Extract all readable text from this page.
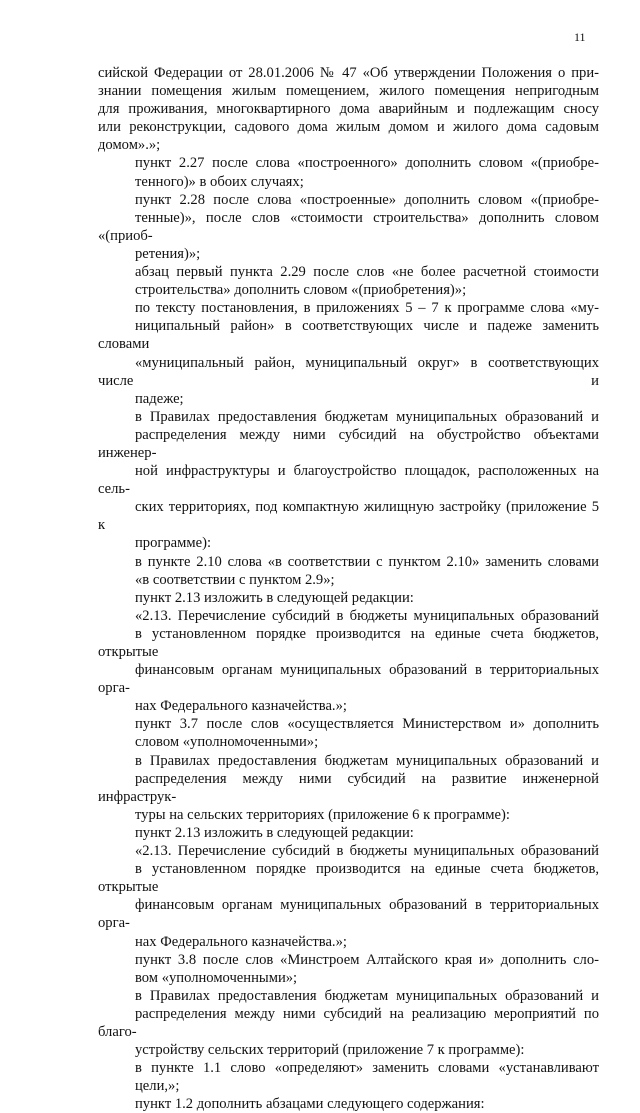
11

сийской Федерации от 28.01.2006 № 47 «Об утверждении Положения о при-
знании помещения жилым помещением, жилого помещения непригодным
для проживания, многоквартирного дома аварийным и подлежащим сносу
или реконструкции, садового дома жилым домом и жилого дома садовым
домом».»;

пункт 2.27 после слова «построенного» дополнить словом «(приобре-
тенного)» в обоих случаях;

пункт 2.28 после слова «построенные» дополнить словом «(приобре-
тенные)», после слов «стоимости строительства» дополнить словом «(приоб-
ретения)»;

абзац первый пункта 2.29 после слов «не более расчетной стоимости
строительства» дополнить словом «(приобретения)»;

по тексту постановления, в приложениях 5 – 7 к программе слова «му-
ниципальный район» в соответствующих числе и падеже заменить словами
«муниципальный район, муниципальный округ» в соответствующих числе и
падеже;

в Правилах предоставления бюджетам муниципальных образований и
распределения между ними субсидий на обустройство объектами инженер-
ной инфраструктуры и благоустройство площадок, расположенных на сель-
ских территориях, под компактную жилищную застройку (приложение 5 к
программе):

в пункте 2.10 слова «в соответствии с пунктом 2.10» заменить словами
«в соответствии с пунктом 2.9»;

пункт 2.13 изложить в следующей редакции:

«2.13. Перечисление субсидий в бюджеты муниципальных образований
в установленном порядке производится на единые счета бюджетов, открытые
финансовым органам муниципальных образований в территориальных орга-
нах Федерального казначейства.»;

пункт 3.7 после слов «осуществляется Министерством и» дополнить
словом «уполномоченными»;

в Правилах предоставления бюджетам муниципальных образований и
распределения между ними субсидий на развитие инженерной инфраструк-
туры на сельских территориях (приложение 6 к программе):

пункт 2.13 изложить в следующей редакции:

«2.13. Перечисление субсидий в бюджеты муниципальных образований
в установленном порядке производится на единые счета бюджетов, открытые
финансовым органам муниципальных образований в территориальных орга-
нах Федерального казначейства.»;

пункт 3.8 после слов «Минстроем Алтайского края и» дополнить сло-
вом «уполномоченными»;

в Правилах предоставления бюджетам муниципальных образований и
распределения между ними субсидий на реализацию мероприятий по благо-
устройству сельских территорий (приложение 7 к программе):

в пункте 1.1 слово «определяют» заменить словами «устанавливают
цели,»;

пункт 1.2 дополнить абзацами следующего содержания:
